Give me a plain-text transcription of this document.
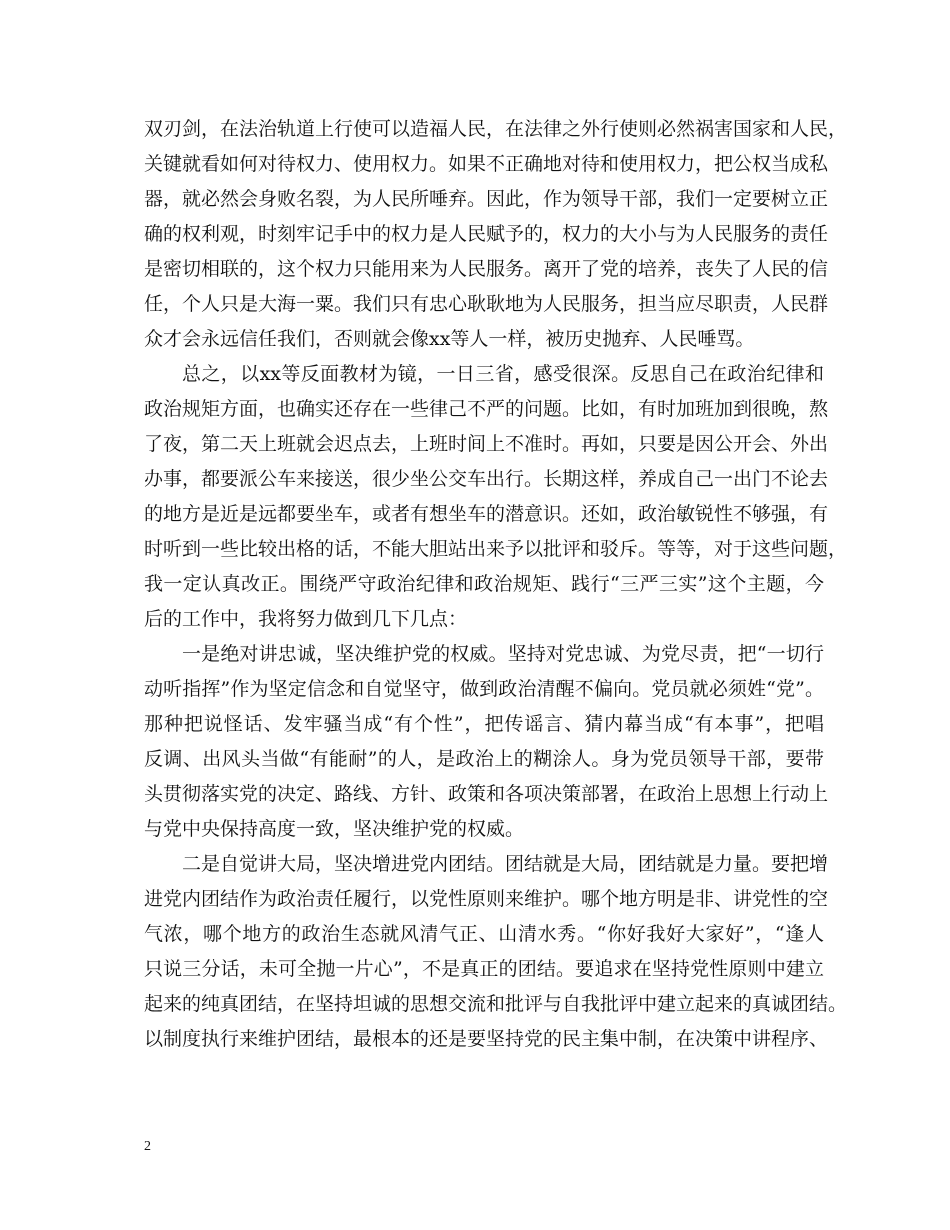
双刃剑，在法治轨道上行使可以造福人民，在法律之外行使则必然祸害国家和人民，
关键就看如何对待权力、使用权力。如果不正确地对待和使用权力，把公权当成私
器，就必然会身败名裂，为人民所唾弃。因此，作为领导干部，我们一定要树立正
确的权利观，时刻牢记手中的权力是人民赋予的，权力的大小与为人民服务的责任
是密切相联的，这个权力只能用来为人民服务。离开了党的培养，丧失了人民的信
任，个人只是大海一粟。我们只有忠心耿耿地为人民服务，担当应尽职责，人民群
众才会永远信任我们，否则就会像xx等人一样，被历史抛弃、人民唾骂。
总之，以xx等反面教材为镜，一日三省，感受很深。反思自己在政治纪律和
政治规矩方面，也确实还存在一些律己不严的问题。比如，有时加班加到很晚，熬
了夜，第二天上班就会迟点去，上班时间上不准时。再如，只要是因公开会、外出
办事，都要派公车来接送，很少坐公交车出行。长期这样，养成自己一出门不论去
的地方是近是远都要坐车，或者有想坐车的潜意识。还如，政治敏锐性不够强，有
时听到一些比较出格的话，不能大胆站出来予以批评和驳斥。等等，对于这些问题，
我一定认真改正。围绕严守政治纪律和政治规矩、践行“三严三实”这个主题，今
后的工作中，我将努力做到几下几点：
一是绝对讲忠诚，坚决维护党的权威。坚持对党忠诚、为党尽责，把“一切行
动听指挥”作为坚定信念和自觉坚守，做到政治清醒不偏向。党员就必须姓“党”。
那种把说怪话、发牢骚当成“有个性”，把传谣言、猜内幕当成“有本事”，把唱
反调、出风头当做“有能耐”的人，是政治上的糊涂人。身为党员领导干部，要带
头贯彻落实党的决定、路线、方针、政策和各项决策部署，在政治上思想上行动上
与党中央保持高度一致，坚决维护党的权威。
二是自觉讲大局，坚决增进党内团结。团结就是大局，团结就是力量。要把增
进党内团结作为政治责任履行，以党性原则来维护。哪个地方明是非、讲党性的空
气浓，哪个地方的政治生态就风清气正、山清水秀。“你好我好大家好”，“逢人
只说三分话，未可全抛一片心”，不是真正的团结。要追求在坚持党性原则中建立
起来的纯真团结，在坚持坦诚的思想交流和批评与自我批评中建立起来的真诚团结。
以制度执行来维护团结，最根本的还是要坚持党的民主集中制，在决策中讲程序、
2
